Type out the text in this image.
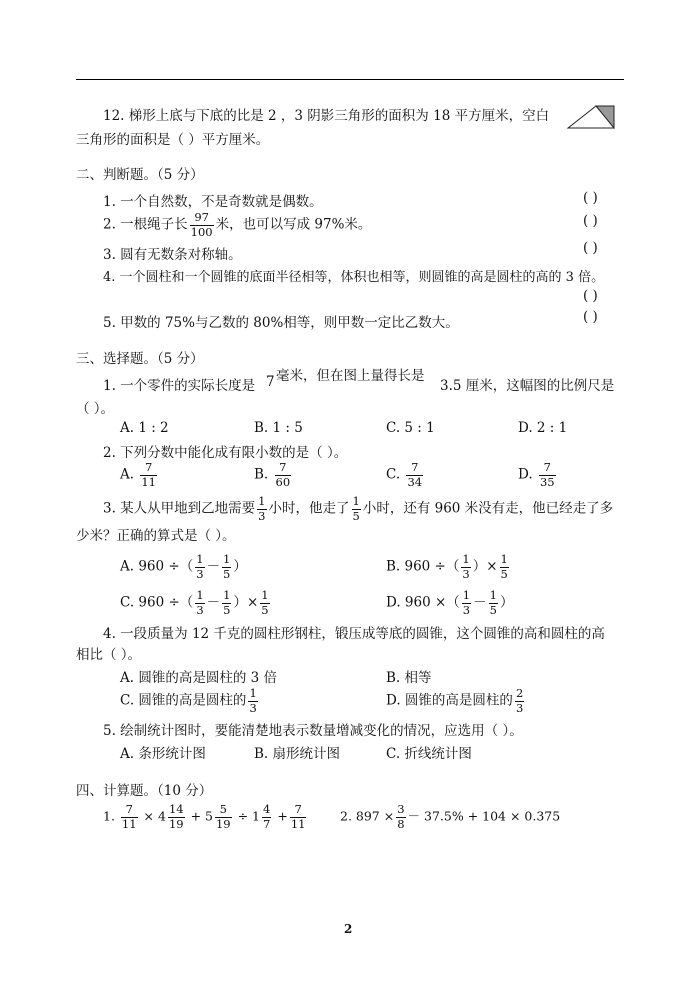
12. 梯形上底与下底的比是 2 ，3 阴影三角形的面积为 18 平方厘米，空白
三角形的面积是（ ）平方厘米。
二、判断题。（5 分）
1. 一个自然数，不是奇数就是偶数。	( )
2. 一根绳子长 $\frac{97}{100}$ 米，也可以写成 97%米。	( )
3. 圆有无数条对称轴。	( )
4. 一个圆柱和一个圆锥的底面半径相等，体积也相等，则圆锥的高是圆柱的高的 3 倍。
( )
5. 甲数的 75%与乙数的 80%相等，则甲数一定比乙数大。	( )
三、选择题。（5 分）
1. 一个零件的实际长度是 7 毫米，但在图上量得长是
3.5 厘米，这幅图的比例尺是
（ ）。
A. 1 : 2	B. 1 : 5	C. 5 : 1	D. 2 : 1
2. 下列分数中能化成有限小数的是（ ）。
A. $\frac{7}{11}$	B. $\frac{7}{60}$	C. $\frac{7}{34}$	D. $\frac{7}{35}$
3. 某人从甲地到乙地需要 $\frac{1}{3}$ 小时，他走了 $\frac{1}{5}$ 小时，还有 960 米没有走，他已经走了多
少米？正确的算式是（ ）。
A. 960 ÷（ $\frac{1}{3} - \frac{1}{5}$ ）	B. 960 ÷（ $\frac{1}{3}$ ）× $\frac{1}{5}$
C. 960 ÷（ $\frac{1}{3} - \frac{1}{5}$ ）× $\frac{1}{5}$	D. 960 ×（ $\frac{1}{3} - \frac{1}{5}$ ）
4. 一段质量为 12 千克的圆柱形钢柱，锻压成等底的圆锥，这个圆锥的高和圆柱的高
相比（ ）。
A. 圆锥的高是圆柱的 3 倍	B. 相等
C. 圆锥的高是圆柱的 $\frac{1}{3}$	D. 圆锥的高是圆柱的 $\frac{2}{3}$
5. 绘制统计图时，要能清楚地表示数量增减变化的情况，应选用（ ）。
A. 条形统计图	B. 扇形统计图	C. 折线统计图
四、计算题。（10 分）
1. $\frac{7}{11} \times 4 \frac{14}{19} + 5 \frac{5}{19} \div 1 \frac{4}{7} + \frac{7}{11}$	2. $897 \times \frac{3}{8} - 37.5\% + 104 \times 0.375$
2
